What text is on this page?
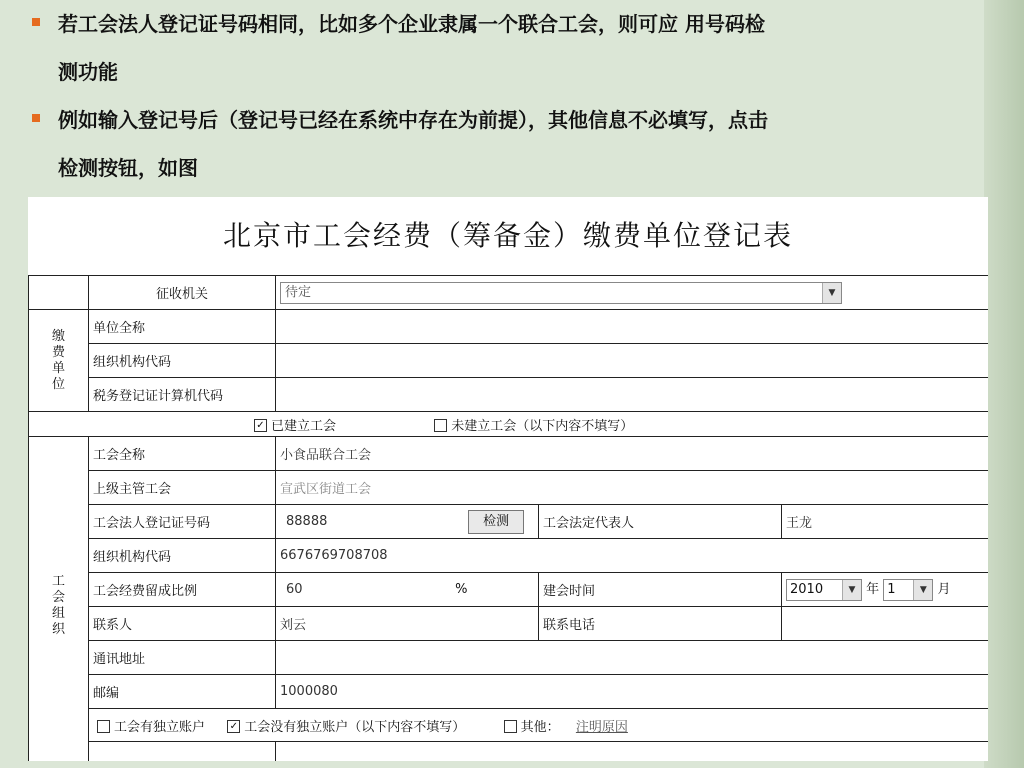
若工会法人登记证号码相同，比如多个企业隶属一个联合工会，则可应 用号码检
测功能
例如输入登记号后（登记号已经在系统中存在为前提），其他信息不必填写，点击
检测按钮，如图
北京市工会经费（筹备金）缴费单位登记表
	征收机关	待定 ▼		

缴费单位	单位全称			
	组织机构代码			
	税务登记证计算机代码			
✓ 已建立工会 未建立工会（以下内容不填写）				
工会组织	工会全称	小食品联合工会		
	上级主管工会	宣武区街道工会		
	工会法人登记证号码	88888 检测	工会法定代表人	王龙
	组织机构代码	6676769708708		
	工会经费留成比例	60 %	建会时间	2010 ▼ 年 1 ▼ 月
	联系人	刘云	联系电话	
	通讯地址			
	邮编	1000080		
	工会有独立账户 ✓ 工会没有独立账户（以下内容不填写） 其他： 注明原因			
